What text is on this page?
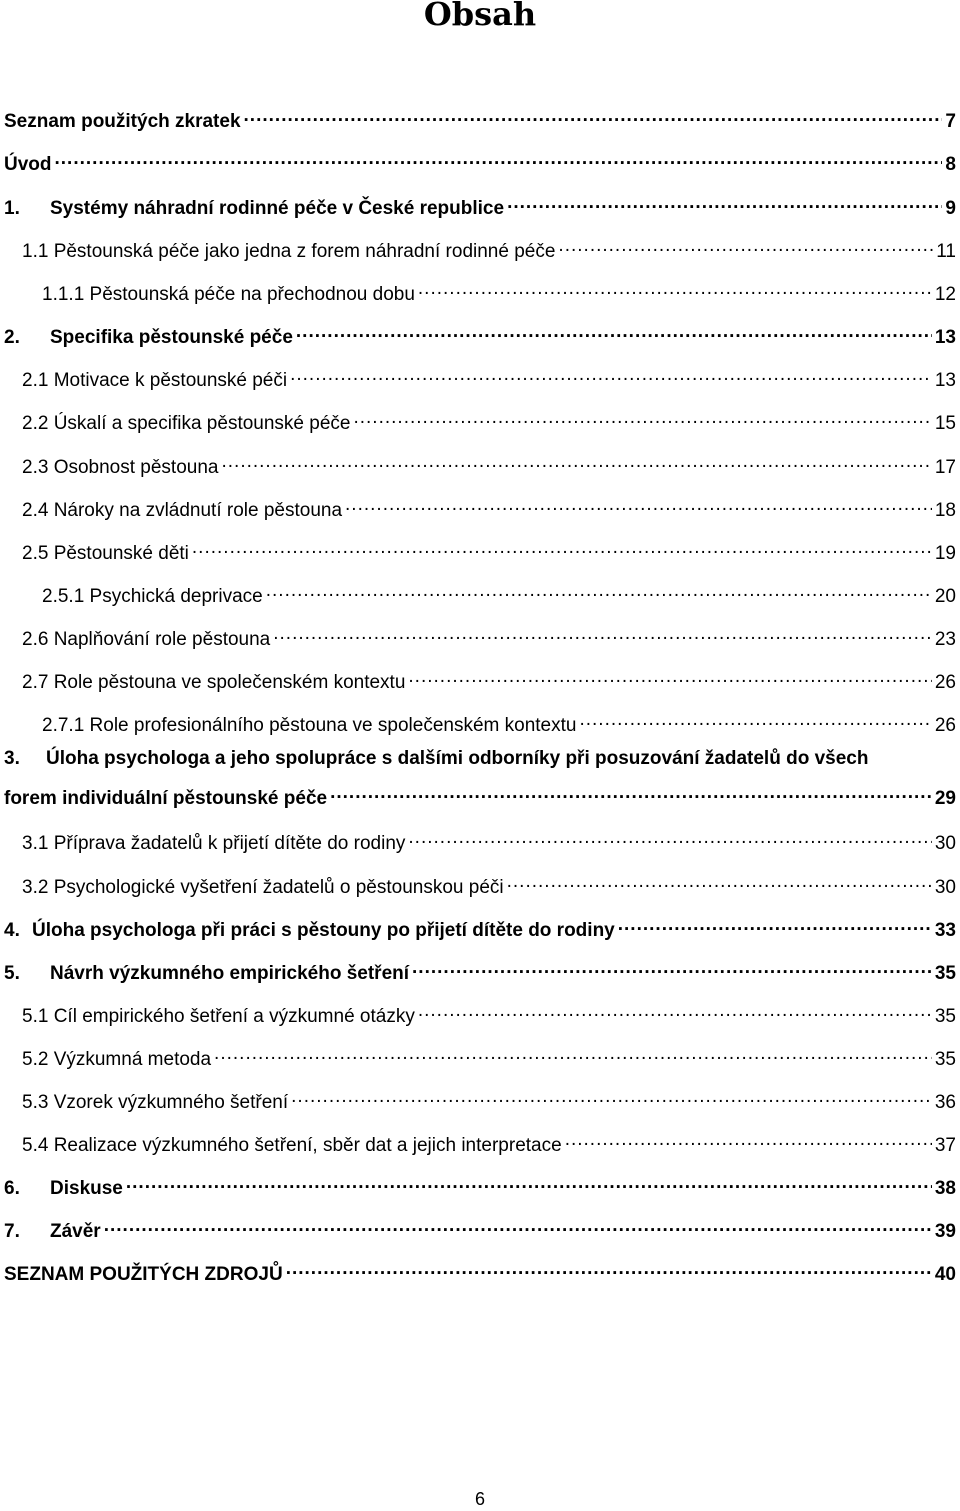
Obsah
Seznam použitých zkratek .....	7
Úvod .....	8
1.	Systémy náhradní rodinné péče v České republice .....	9
1.1 Pěstounská péče jako jedna z forem náhradní rodinné péče .....	11
1.1.1 Pěstounská péče na přechodnou dobu .....	12
2.	Specifika pěstounské péče .....	13
2.1 Motivace k pěstounské péči .....	13
2.2 Úskalí a specifika pěstounské péče .....	15
2.3 Osobnost pěstouna .....	17
2.4 Nároky na zvládnutí role pěstouna .....	18
2.5 Pěstounské děti .....	19
2.5.1 Psychická deprivace .....	20
2.6 Naplňování role pěstouna .....	23
2.7 Role pěstouna ve společenském kontextu .....	26
2.7.1 Role profesionálního pěstouna ve společenském kontextu .....	26
3. Úloha psychologa a jeho spolupráce s dalšími odborníky při posuzování žadatelů do všech
forem individuální pěstounské péče .....	29
3.1 Příprava žadatelů k přijetí dítěte do rodiny .....	30
3.2 Psychologické vyšetření žadatelů o pěstounskou péči .....	30
4. Úloha psychologa při práci s pěstouny po přijetí dítěte do rodiny .....	33
5.	Návrh výzkumného empirického šetření .....	35
5.1 Cíl empirického šetření a výzkumné otázky .....	35
5.2 Výzkumná metoda .....	35
5.3 Vzorek výzkumného šetření .....	36
5.4 Realizace výzkumného šetření, sběr dat a jejich interpretace .....	37
6.	Diskuse .....	38
7.	Závěr .....	39
SEZNAM POUŽITÝCH ZDROJŮ .....	40
6
